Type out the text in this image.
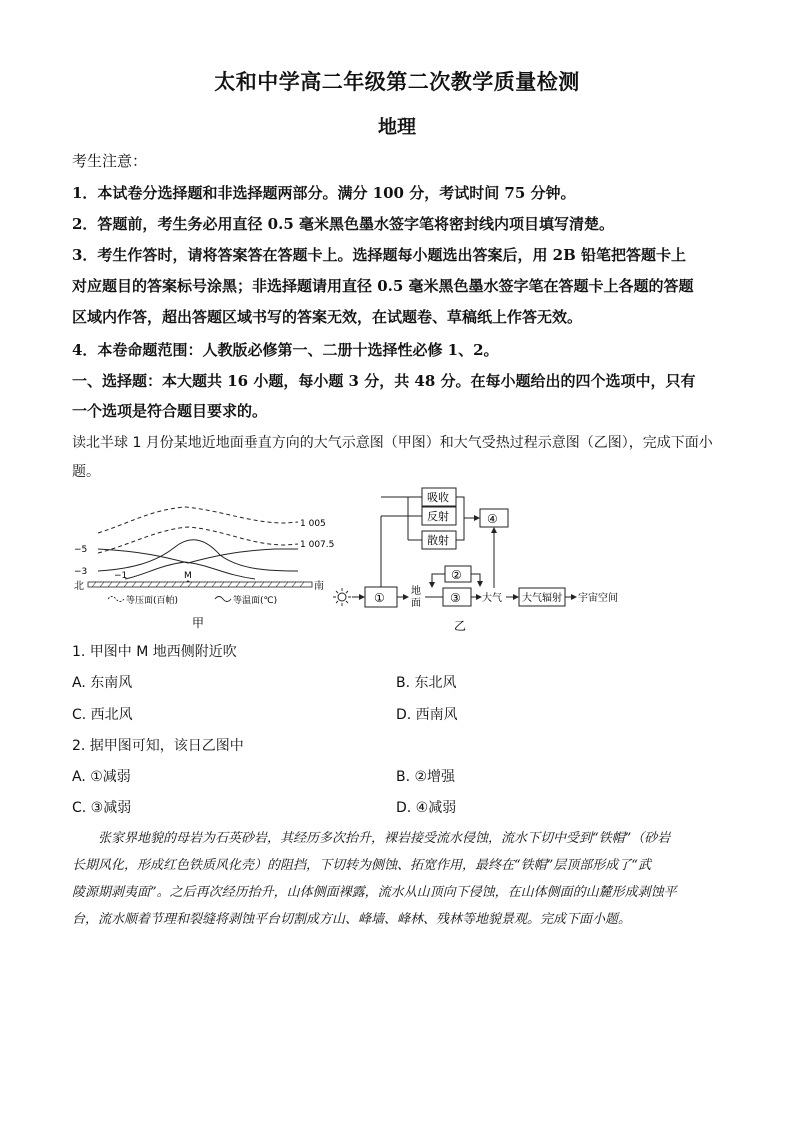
太和中学高二年级第二次教学质量检测
地理
考生注意：
1．本试卷分选择题和非选择题两部分。满分 100 分，考试时间 75 分钟。
2．答题前，考生务必用直径 0.5 毫米黑色墨水签字笔将密封线内项目填写清楚。
3．考生作答时，请将答案答在答题卡上。选择题每小题选出答案后，用 2B 铅笔把答题卡上
对应题目的答案标号涂黑；非选择题请用直径 0.5 毫米黑色墨水签字笔在答题卡上各题的答题
区域内作答，超出答题区域书写的答案无效，在试题卷、草稿纸上作答无效。
4．本卷命题范围：人教版必修第一、二册十选择性必修 1、2。
一、选择题：本大题共 16 小题，每小题 3 分，共 48 分。在每小题给出的四个选项中，只有
一个选项是符合题目要求的。
读北半球 1 月份某地近地面垂直方向的大气示意图（甲图）和大气受热过程示意图（乙图），完成下面小
题。
M
1 005
1 007.5
−5
−3	−1
北	南
等压面(百帕)	等温面(℃)
甲
①
吸收
反射
散射
④
地
面
②
③ 大气 大气辐射 宇宙空间
乙
1. 甲图中 M 地西侧附近吹
A. 东南风	B. 东北风
C. 西北风	D. 西南风
2. 据甲图可知，该日乙图中
A. ①减弱	B. ②增强
C. ③减弱	D. ④减弱
张家界地貌的母岩为石英砂岩，其经历多次抬升，裸岩接受流水侵蚀，流水下切中受到“铁帽”（砂岩
长期风化，形成红色铁质风化壳）的阻挡，下切转为侧蚀、拓宽作用，最终在“铁帽”层顶部形成了“武
陵源期剥夷面”。之后再次经历抬升，山体侧面裸露，流水从山顶向下侵蚀，在山体侧面的山麓形成剥蚀平
台，流水顺着节理和裂缝将剥蚀平台切割成方山、峰墙、峰林、残林等地貌景观。完成下面小题。
